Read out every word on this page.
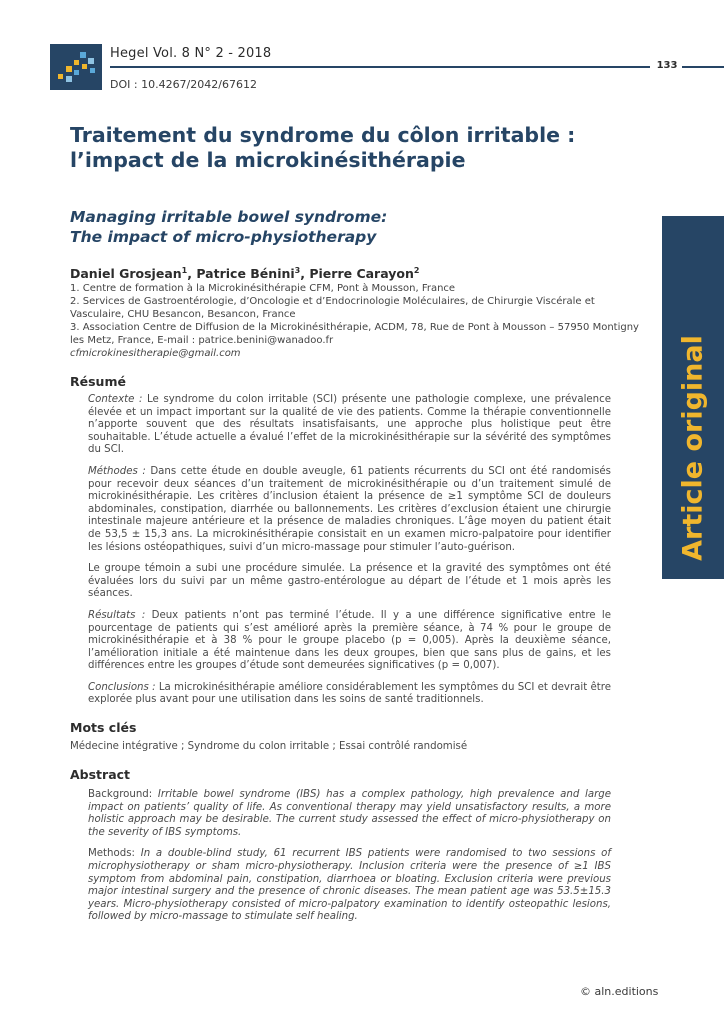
Hegel Vol. 8 N° 2 - 2018
133
DOI : 10.4267/2042/67612
Traitement du syndrome du côlon irritable :
l’impact de la microkinésithérapie
Managing irritable bowel syndrome:
The impact of micro-physiotherapy
Daniel Grosjean$^1$, Patrice Bénini$^3$, Pierre Carayon$^2$
1. Centre de formation à la Microkinésithérapie CFM, Pont à Mousson, France
2. Services de Gastroentérologie, d’Oncologie et d’Endocrinologie Moléculaires, de Chirurgie Viscérale et Vasculaire, CHU Besancon, Besancon, France
3. Association Centre de Diffusion de la Microkinésithérapie, ACDM, 78, Rue de Pont à Mousson – 57950 Montigny les Metz, France, E-mail : patrice.benini@wanadoo.fr
cfmicrokinesitherapie@gmail.com
Résumé

Contexte : Le syndrome du colon irritable (SCI) présente une pathologie complexe, une prévalence élevée et un impact important sur la qualité de vie des patients. Comme la thérapie conventionnelle n’apporte souvent que des résultats insatisfaisants, une approche plus holistique peut être souhaitable. L’étude actuelle a évalué l’effet de la microkinésithérapie sur la sévérité des symptômes du SCI.

Méthodes : Dans cette étude en double aveugle, 61 patients récurrents du SCI ont été randomisés pour recevoir deux séances d’un traitement de microkinésithérapie ou d’un traitement simulé de microkinésithérapie. Les critères d’inclusion étaient la présence de ≥1 symptôme SCI de douleurs abdominales, constipation, diarrhée ou ballonnements. Les critères d’exclusion étaient une chirurgie intestinale majeure antérieure et la présence de maladies chroniques. L’âge moyen du patient était de 53,5 ± 15,3 ans. La microkinésithérapie consistait en un examen micro-palpatoire pour identifier les lésions ostéopathiques, suivi d’un micro-massage pour stimuler l’auto-guérison.

Le groupe témoin a subi une procédure simulée. La présence et la gravité des symptômes ont été évaluées lors du suivi par un même gastro-entérologue au départ de l’étude et 1 mois après les séances.

Résultats : Deux patients n’ont pas terminé l’étude. Il y a une différence significative entre le pourcentage de patients qui s’est amélioré après la première séance, à 74 % pour le groupe de microkinésithérapie et à 38 % pour le groupe placebo (p = 0,005). Après la deuxième séance, l’amélioration initiale a été maintenue dans les deux groupes, bien que sans plus de gains, et les différences entre les groupes d’étude sont demeurées significatives (p = 0,007).

Conclusions : La microkinésithérapie améliore considérablement les symptômes du SCI et devrait être explorée plus avant pour une utilisation dans les soins de santé traditionnels.

Mots clés
Médecine intégrative ; Syndrome du colon irritable ; Essai contrôlé randomisé
Abstract

Background: Irritable bowel syndrome (IBS) has a complex pathology, high prevalence and large impact on patients’ quality of life. As conventional therapy may yield unsatisfactory results, a more holistic approach may be desirable. The current study assessed the effect of micro-physiotherapy on the severity of IBS symptoms.

Methods: In a double-blind study, 61 recurrent IBS patients were randomised to two sessions of microphysiotherapy or sham micro-physiotherapy. Inclusion criteria were the presence of ≥1 IBS symptom from abdominal pain, constipation, diarrhoea or bloating. Exclusion criteria were previous major intestinal surgery and the presence of chronic diseases. The mean patient age was 53.5±15.3 years. Micro-physiotherapy consisted of micro-palpatory examination to identify osteopathic lesions, followed by micro-massage to stimulate self healing.

Article original
© aln.editions
